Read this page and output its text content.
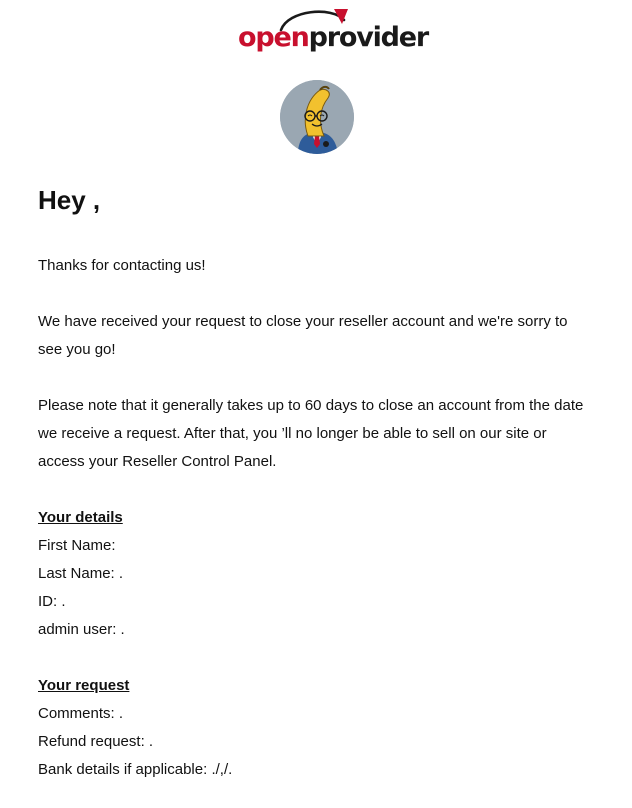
openprovider
Hey ,

Thanks for contacting us!

We have received your request to close your reseller account and we're sorry to see you go!

Please note that it generally takes up to 60 days to close an account from the date we receive a request. After that, you ’ll no longer be able to sell on our site or access your Reseller Control Panel.

Your details
First Name:
Last Name: .
ID: .
admin user: .
Your request
Comments: .
Refund request: .
Bank details if applicable: ./,/.
